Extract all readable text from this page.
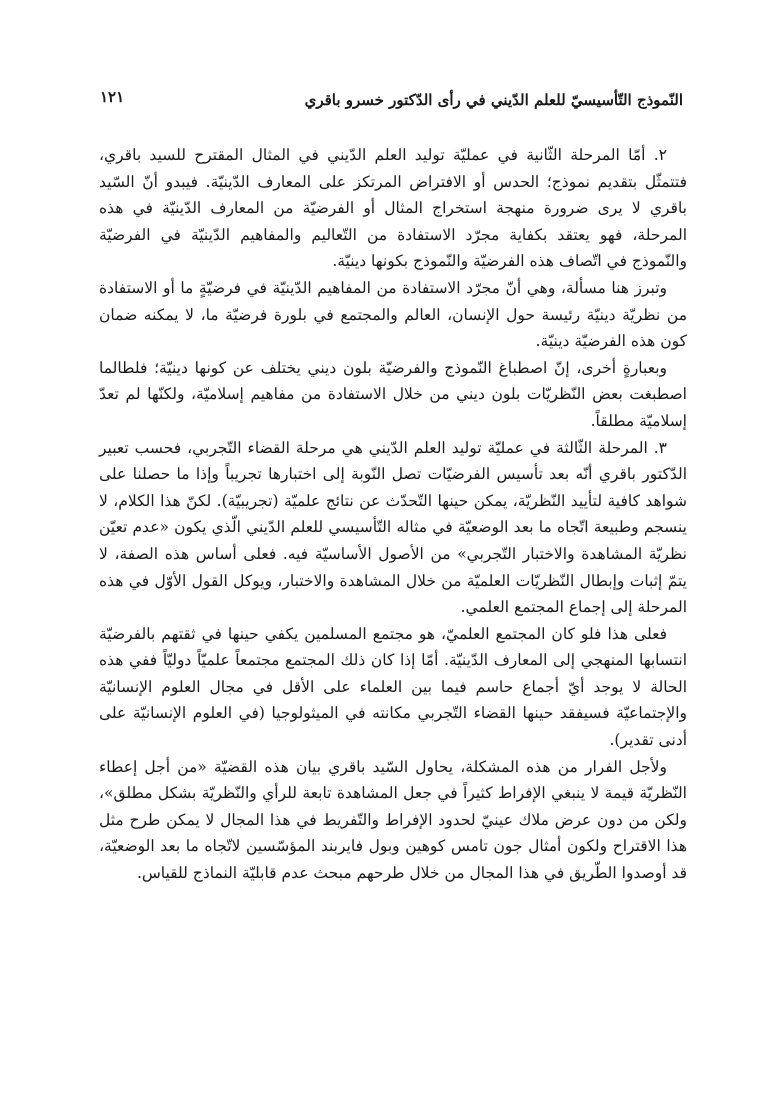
النّموذج التّأسيسيّ للعلم الدّيني في رأى الدّكتور خسرو باقري
١٢١

٢. أمّا المرحلة الثّانية في عمليّة توليد العلم الدّيني في المثال المقترح للسيد باقري، فتتمثّل بتقديم نموذج؛ الحدس أو الافتراض المرتكز على المعارف الدّينيّة. فيبدو أنّ السّيد باقري لا يرى ضرورة منهجة استخراج المثال أو الفرضيّة من المعارف الدّينيّة في هذه المرحلة، فهو يعتقد بكفاية مجرّد الاستفادة من التّعاليم والمفاهيم الدّينيّة في الفرضيّة والنّموذج في اتّصاف هذه الفرضيّة والنّموذج بكونها دينيّة.

وتبرز هنا مسألة، وهي أنّ مجرّد الاستفادة من المفاهيم الدّينيّة في فرضيّةٍ ما أو الاستفادة من نظريّة دينيّة رئيسة حول الإنسان، العالم والمجتمع في بلورة فرضيّة ما، لا يمكنه ضمان كون هذه الفرضيّة دينيّة.

وبعبارةٍ أخرى، إنّ اصطباغ النّموذج والفرضيّة بلون ديني يختلف عن كونها دينيّة؛ فلطالما اصطبغت بعض النّظريّات بلون ديني من خلال الاستفادة من مفاهيم إسلاميّة، ولكنّها لم تعدّ إسلاميّة مطلقاً.

٣. المرحلة الثّالثة في عمليّة توليد العلم الدّيني هي مرحلة القضاء التّجربي، فحسب تعبير الدّكتور باقري أنّه بعد تأسيس الفرضيّات تصل النّوبة إلى اختبارها تجريباً وإذا ما حصلنا على شواهد كافية لتأييد النّظريّة، يمكن حينها التّحدّث عن نتائج علميّة (تجريبيّة). لكنّ هذا الكلام، لا ينسجم وطبيعة اتّجاه ما بعد الوضعيّة في مثاله التّأسيسي للعلم الدّيني الّذي يكون «عدم تعيّن نظريّة المشاهدة والاختبار التّجربي» من الأصول الأساسيّة فيه. فعلى أساس هذه الصفة، لا يتمّ إثبات وإبطال النّظريّات العلميّة من خلال المشاهدة والاختبار، ويوكل القول الأوّل في هذه المرحلة إلى إجماع المجتمع العلمي.

فعلى هذا فلو كان المجتمع العلميّ، هو مجتمع المسلمين يكفي حينها في ثقتهم بالفرضيّة انتسابها المنهجي إلى المعارف الدّينيّة. أمّا إذا كان ذلك المجتمع مجتمعاً علميّاً دوليّاً ففي هذه الحالة لا يوجد أيّ أجماع حاسم فيما بين العلماء على الأقل في مجال العلوم الإنسانيّة والإجتماعيّة فسيفقد حينها القضاء التّجربي مكانته في الميثولوجيا (في العلوم الإنسانيّة على أدنى تقدير).

ولأجل الفرار من هذه المشكلة، يحاول السّيد باقري بيان هذه القضيّة «من أجل إعطاء النّظريّة قيمة لا ينبغي الإفراط كثيراً في جعل المشاهدة تابعة للرأي والنّظريّة بشكل مطلق»، ولكن من دون عرض ملاك عينيّ لحدود الإفراط والتّفريط في هذا المجال لا يمكن طرح مثل هذا الاقتراح ولكون أمثال جون تامس كوهين وبول فايربند المؤسّسين لاتّجاه ما بعد الوضعيّة، قد أوصدوا الطّريق في هذا المجال من خلال طرحهم مبحث عدم قابليّة النماذج للقياس.
